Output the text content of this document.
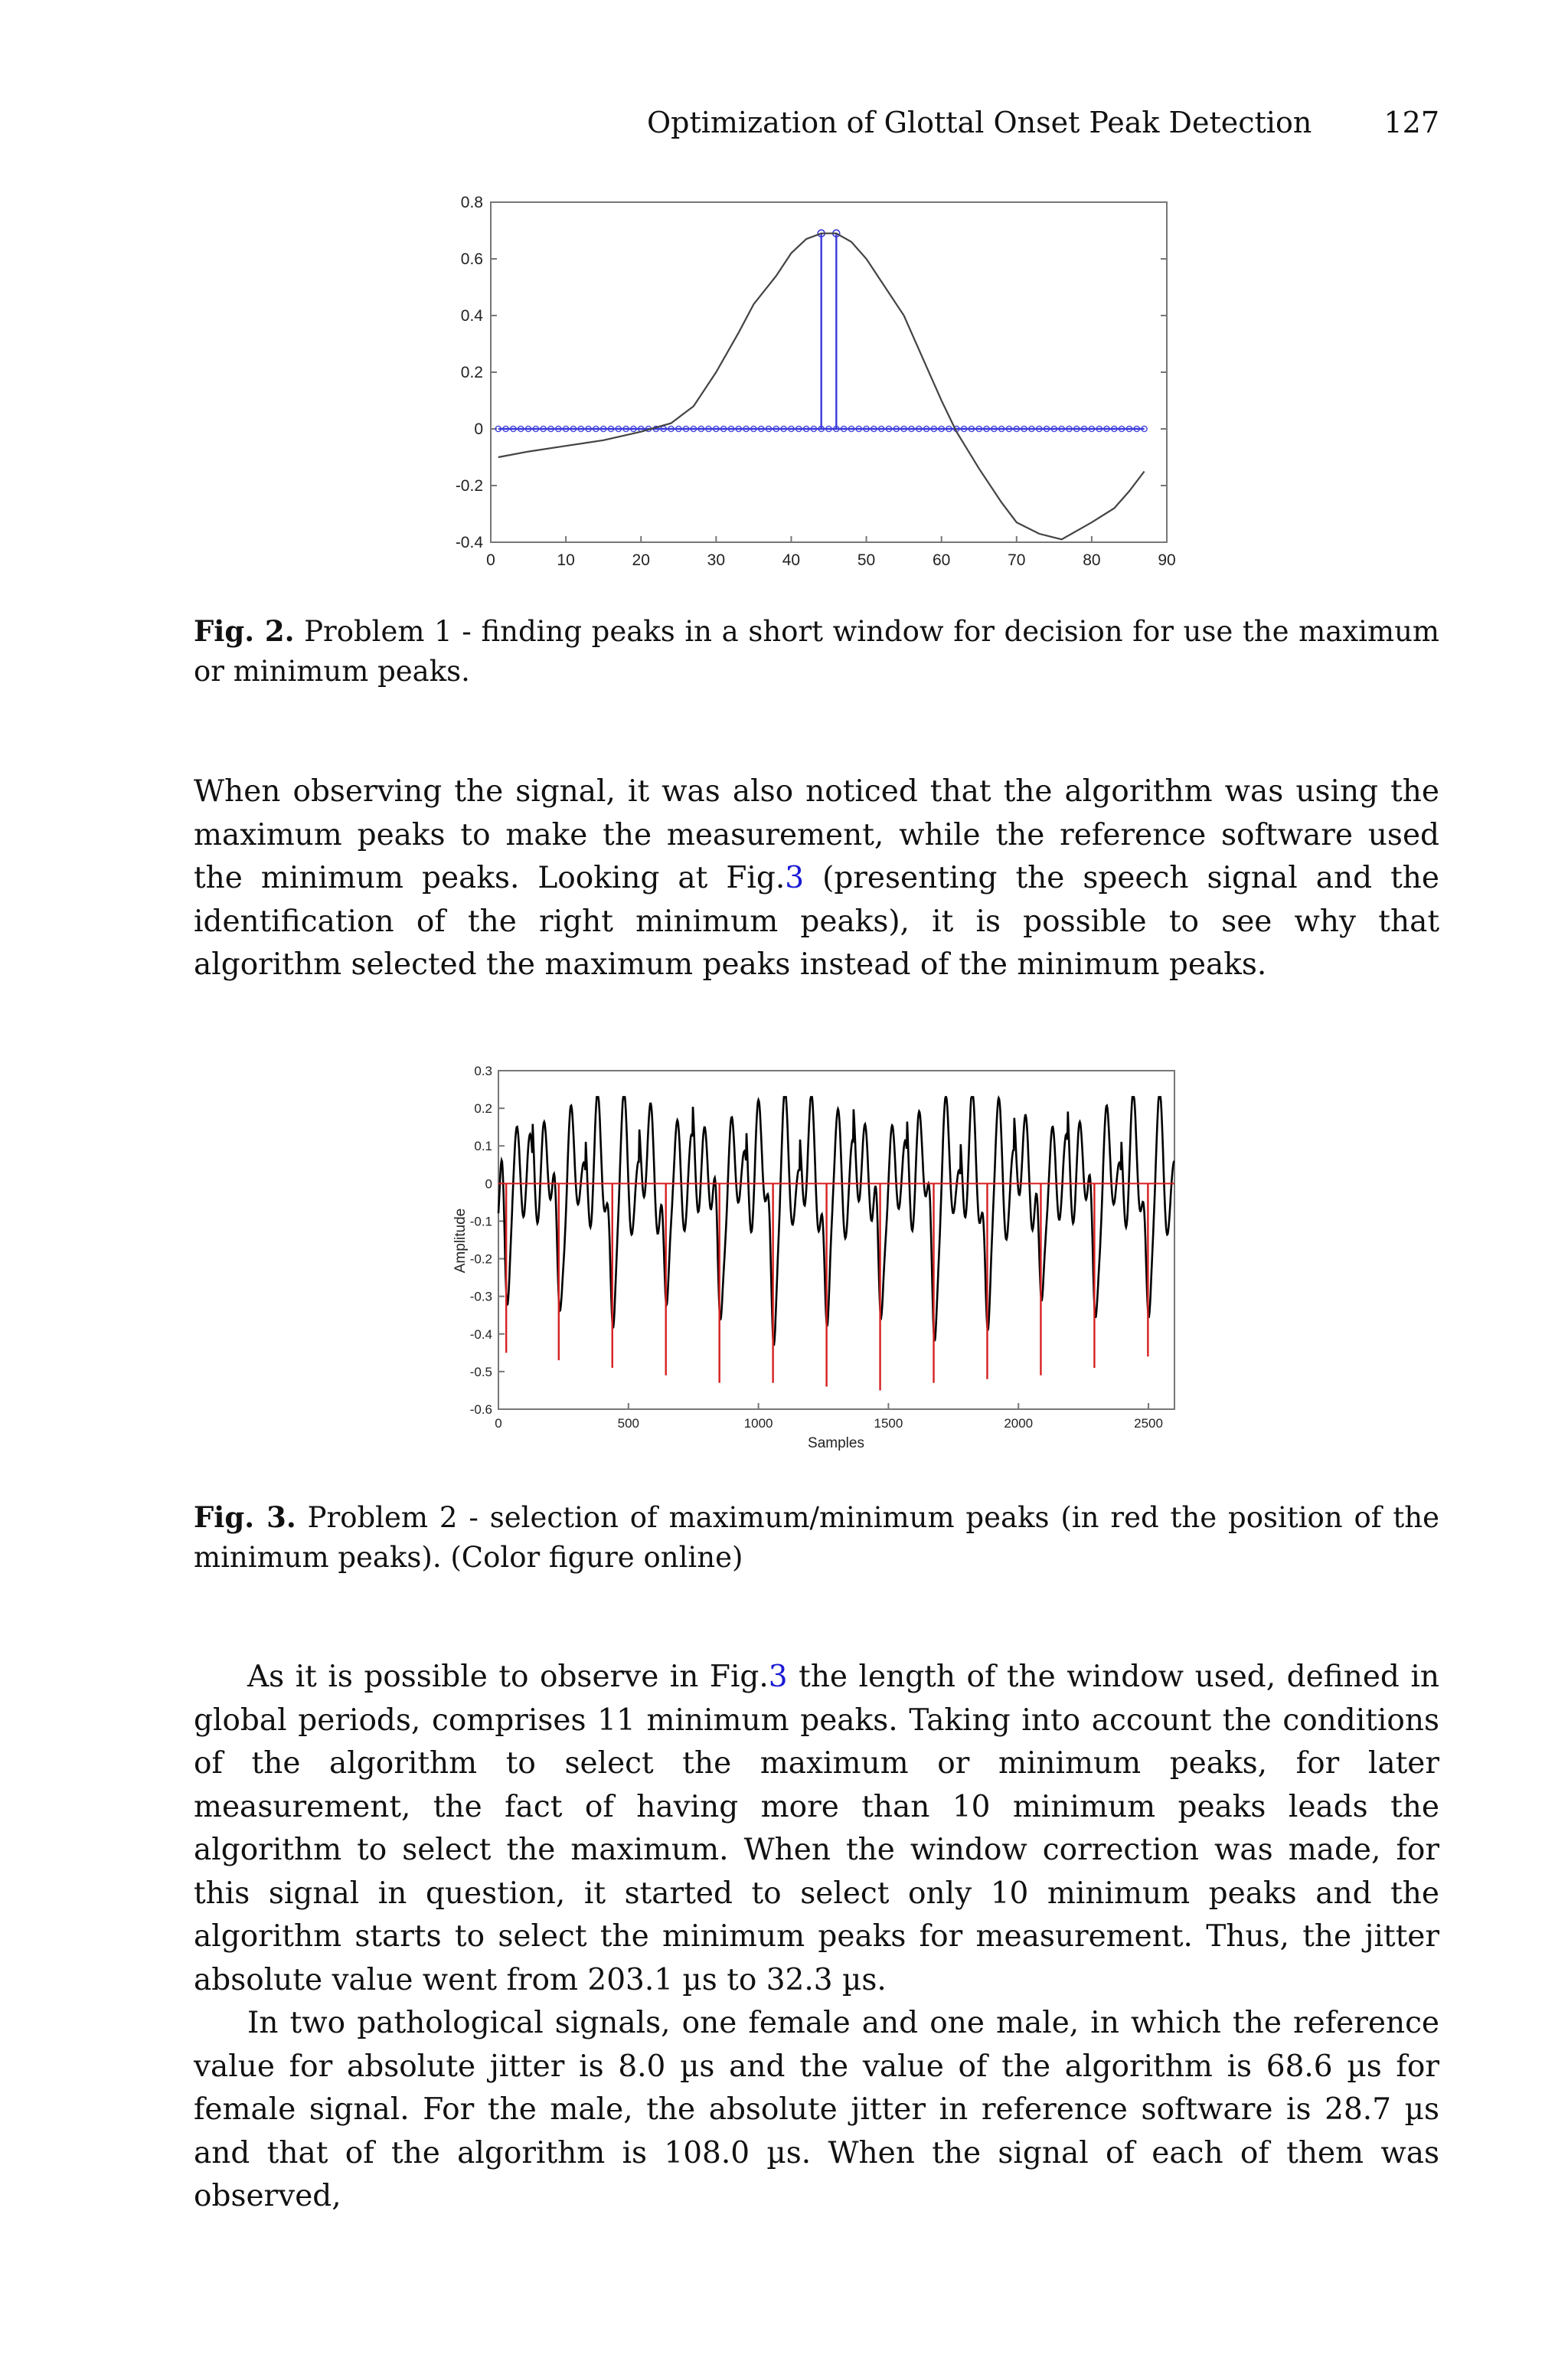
Optimization of Glottal Onset Peak Detection 127
0	10	20	30	40	50	60	70	80	90
0.8
0.6
0.4
0.2
0
-0.2
-0.4
Fig. 2. Problem 1 - finding peaks in a short window for decision for use the maximum or minimum peaks.
When observing the signal, it was also noticed that the algorithm was using the maximum peaks to make the measurement, while the reference software used the minimum peaks. Looking at Fig.3 (presenting the speech signal and the identification of the right minimum peaks), it is possible to see why that algorithm selected the maximum peaks instead of the minimum peaks.
0	500	1000	1500	2000	2500
0.3
0.2
0.1
0
-0.1
-0.2
-0.3
-0.4
-0.5
-0.6
Samples
Amplitude
Fig. 3. Problem 2 - selection of maximum/minimum peaks (in red the position of the minimum peaks). (Color figure online)
As it is possible to observe in Fig.3 the length of the window used, defined in global periods, comprises 11 minimum peaks. Taking into account the conditions of the algorithm to select the maximum or minimum peaks, for later measurement, the fact of having more than 10 minimum peaks leads the algorithm to select the maximum. When the window correction was made, for this signal in question, it started to select only 10 minimum peaks and the algorithm starts to select the minimum peaks for measurement. Thus, the jitter absolute value went from 203.1 µs to 32.3 µs.
In two pathological signals, one female and one male, in which the reference value for absolute jitter is 8.0 µs and the value of the algorithm is 68.6 µs for female signal. For the male, the absolute jitter in reference software is 28.7 µs and that of the algorithm is 108.0 µs. When the signal of each of them was observed,
